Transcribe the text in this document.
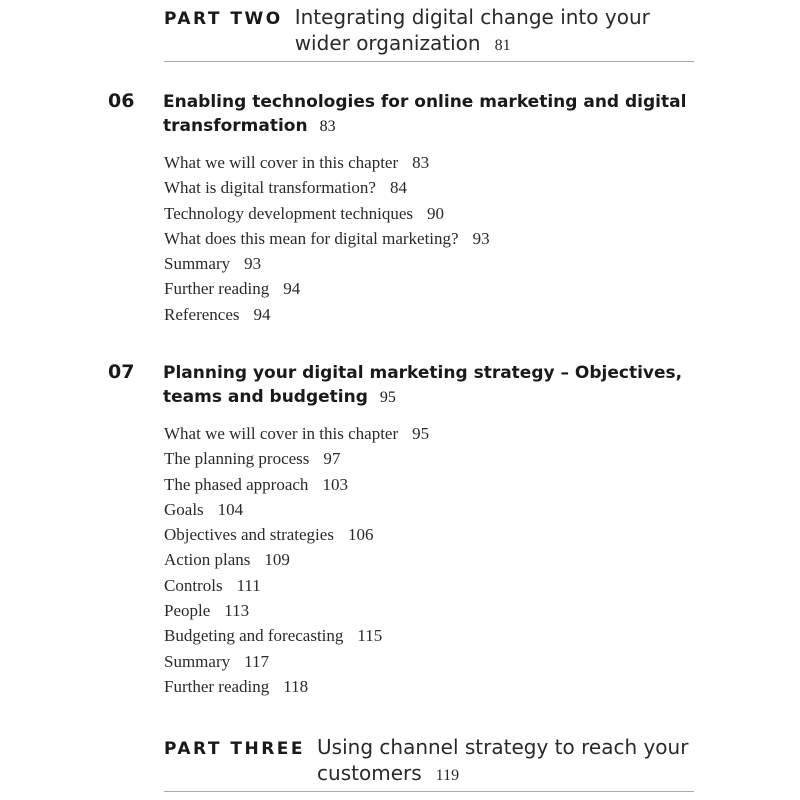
PART TWO Integrating digital change into your wider organization 81
06 Enabling technologies for online marketing and digital transformation 83
What we will cover in this chapter 83
What is digital transformation? 84
Technology development techniques 90
What does this mean for digital marketing? 93
Summary 93
Further reading 94
References 94
07 Planning your digital marketing strategy – Objectives, teams and budgeting 95
What we will cover in this chapter 95
The planning process 97
The phased approach 103
Goals 104
Objectives and strategies 106
Action plans 109
Controls 111
People 113
Budgeting and forecasting 115
Summary 117
Further reading 118
PART THREE Using channel strategy to reach your customers 119
